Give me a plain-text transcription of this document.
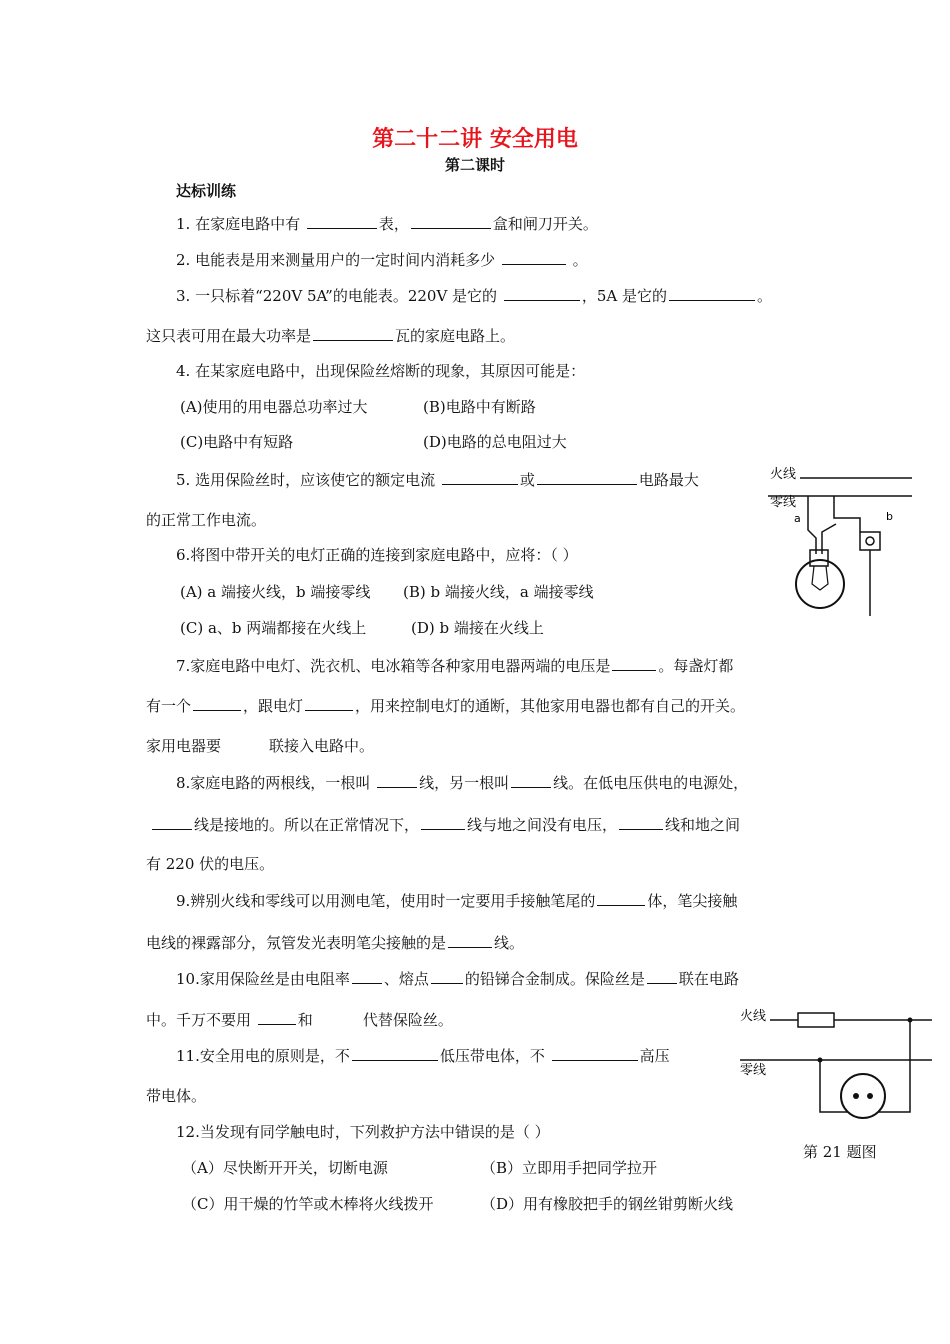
第二十二讲 安全用电
第二课时
达标训练
1. 在家庭电路中有	表，	盒和闸刀开关。
2. 电能表是用来测量用户的一定时间内消耗多少	。
3. 一只标着“220V 5A”的电能表。220V 是它的	，5A 是它的	。
这只表可用在最大功率是	瓦的家庭电路上。
4. 在某家庭电路中，出现保险丝熔断的现象，其原因可能是：
(A)使用的用电器总功率过大	(B)电路中有断路
(C)电路中有短路	(D)电路的总电阻过大
5. 选用保险丝时，应该使它的额定电流	或	电路最大
的正常工作电流。
6.将图中带开关的电灯正确的连接到家庭电路中，应将：（ ）
(A) a 端接火线，b 端接零线 (B) b 端接火线，a 端接零线
(C) a、b 两端都接在火线上	(D) b 端接在火线上
7.家庭电路中电灯、洗衣机、电冰箱等各种家用电器两端的电压是	。每盏灯都
有一个	，跟电灯	，用来控制电灯的通断，其他家用电器也都有自己的开关。
家用电器要	联接入电路中。
8.家庭电路的两根线，一根叫	线，另一根叫	线。在低电压供电的电源处，
线是接地的。所以在正常情况下，	线与地之间没有电压，	线和地之间
有 220 伏的电压。
9.辨别火线和零线可以用测电笔，使用时一定要用手接触笔尾的	体，笔尖接触
电线的裸露部分，氖管发光表明笔尖接触的是	线。
10.家用保险丝是由电阻率 、熔点 的铅锑合金制成。保险丝是 联在电路
中。千万不要用	和	代替保险丝。
11.安全用电的原则是，不	低压带电体，不	高压
带电体。
12.当发现有同学触电时，下列救护方法中错误的是（ ）
（A）尽快断开开关，切断电源	（B）立即用手把同学拉开
（C）用干燥的竹竿或木棒将火线拨开	（D）用有橡胶把手的钢丝钳剪断火线
火线
零线
a	b
火线
零线
第 21 题图
